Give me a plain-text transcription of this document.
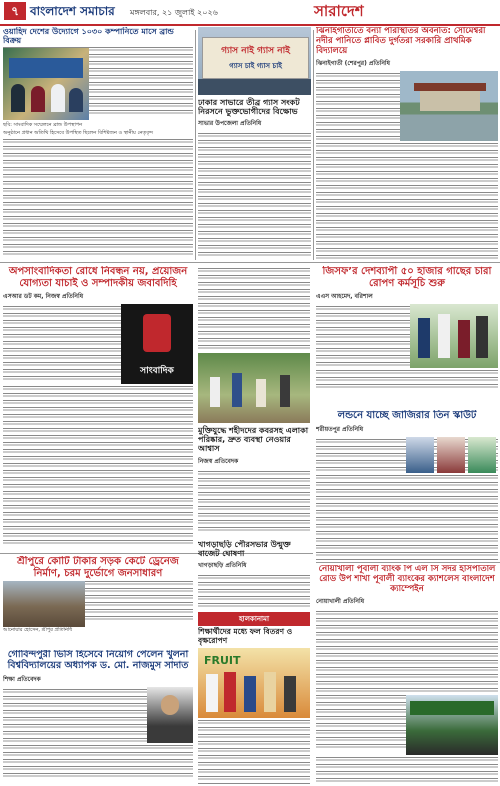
৭ বাংলাদেশ সমাচার মঙ্গলবার, ২১ জুলাই ২০২৬	সারাদেশ
ওয়াহিদ দেশের উদ্যোগে ১০৩০ কম্পানিতে মাসে ব্রান্ড বিক্রয়
ছবি: সাংবাদিক সম্মেলনে ব্রান্ড উপস্থাপন
অনুষ্ঠানে প্রধান অতিথি হিসেবে উপস্থিত ছিলেন বিশিষ্টজন ও স্থানীয় নেতৃবৃন্দ
গ্যাস নাই গ্যাস নাই
গ্যাস চাই গ্যাস চাই
ঢাকার সাভারে তীব্র গ্যাস সংকট নিরসনে ভুক্তভোগীদের বিক্ষোভ
সাভার উপজেলা প্রতিনিধি
ঝিনাইগাতীতে বন্যা পরিস্থিতির অবনতি: সোমেশ্বরী নদীর পানিতে প্লাবিত দুর্গতরা সরকারি প্রাথমিক বিদ্যালয়ে
ঝিনাইগাতী (শেরপুর) প্রতিনিধি
অপসাংবাদিকতা রোধে নিবন্ধন নয়, প্রয়োজন যোগ্যতা যাচাই ও সম্পাদকীয় জবাবদিহি
এসআর ডট কম, নিজস্ব প্রতিনিধি
সাংবাদিক
মুক্তিযুদ্ধে শহীদদের কবরসহ এলাকা পরিষ্কার, দ্রুত ব্যবস্থা নেওয়ার আশ্বাস
নিজস্ব প্রতিবেদক
জিসফ’র দেশব্যাপী ৫০ হাজার গাছের চারা রোপণ কর্মসূচি শুরু
এএস আহমেদ, বরিশাল
লন্ডনে যাচ্ছে জাজিরার তিন স্কাউট
শরীয়তপুর প্রতিনিধি
শ্রীপুরে কোটি টাকার সড়ক কেটে ড্রেনেজ নির্মাণ, চরম দুর্ভোগে জনসাধারণ
আনোয়ার হোসেন, শ্রীপুর প্রতিনিধি
গোবিন্দপুরী ভিসি হিসেবে নিয়োগ পেলেন খুলনা বিশ্ববিদ্যালয়ের অধ্যাপক ড. মো. নাজমুস সাদাত
শিক্ষা প্রতিবেদক
খাগড়াছড়ি পৌরসভার উন্মুক্ত বাজেট ঘোষণা
খাগড়াছড়ি প্রতিনিধি
হালকানামা
শিক্ষার্থীদের মধ্যে ফল বিতরণ ও বৃক্ষরোপণ
FRUIT
নোয়াখালী পূবালী ব্যাংক পি এল সি সদর হাসপাতাল রোড উপ শাখা পূবালী ব্যাংকের ক্যাশলেস বাংলাদেশ ক্যাম্পেইন
নোয়াখালী প্রতিনিধি
